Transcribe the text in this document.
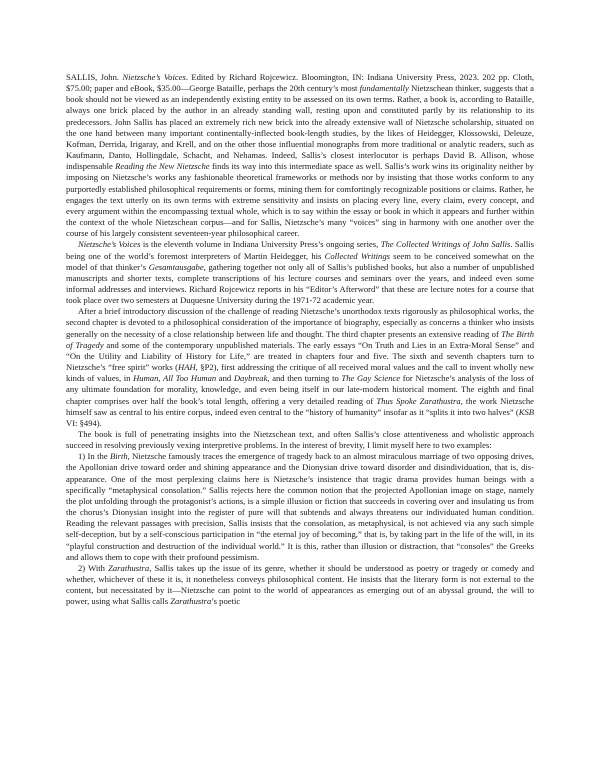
SALLIS, John. Nietzsche’s Voices. Edited by Richard Rojcewicz. Bloomington, IN: Indiana University Press, 2023. 202 pp. Cloth, $75.00; paper and eBook, $35.00—George Bataille, perhaps the 20th century’s most fundamentally Nietzschean thinker, suggests that a book should not be viewed as an independently existing entity to be assessed on its own terms. Rather, a book is, according to Bataille, always one brick placed by the author in an already standing wall, resting upon and constituted partly by its relationship to its predecessors. John Sallis has placed an extremely rich new brick into the already extensive wall of Nietzsche scholarship, situated on the one hand between many important continentally-inflected book-length studies, by the likes of Heidegger, Klossowski, Deleuze, Kofman, Derrida, Irigaray, and Krell, and on the other those influential monographs from more traditional or analytic readers, such as Kaufmann, Danto, Hollingdale, Schacht, and Nehamas. Indeed, Sallis’s closest interlocutor is perhaps David B. Allison, whose indispensable Reading the New Nietzsche finds its way into this intermediate space as well. Sallis’s work wins its originality neither by imposing on Nietzsche’s works any fashionable theoretical frameworks or methods nor by insisting that those works conform to any purportedly established philosophical requirements or forms, mining them for comfortingly recognizable positions or claims. Rather, he engages the text utterly on its own terms with extreme sensitivity and insists on placing every line, every claim, every concept, and every argument within the encompassing textual whole, which is to say within the essay or book in which it appears and further within the context of the whole Nietzschean corpus—and for Sallis, Nietzsche’s many “voices” sing in harmony with one another over the course of his largely consistent seventeen-year philosophical career.

Nietzsche’s Voices is the eleventh volume in Indiana University Press’s ongoing series, The Collected Writings of John Sallis. Sallis being one of the world’s foremost interpreters of Martin Heidegger, his Collected Writings seem to be conceived somewhat on the model of that thinker’s Gesamtausgabe, gathering together not only all of Sallis’s published books, but also a number of unpublished manuscripts and shorter texts, complete transcriptions of his lecture courses and seminars over the years, and indeed even some informal addresses and interviews. Richard Rojcewicz reports in his “Editor’s Afterword” that these are lecture notes for a course that took place over two semesters at Duquesne University during the 1971-72 academic year.

After a brief introductory discussion of the challenge of reading Nietzsche’s unorthodox texts rigorously as philosophical works, the second chapter is devoted to a philosophical consideration of the importance of biography, especially as concerns a thinker who insists generally on the necessity of a close relationship between life and thought. The third chapter presents an extensive reading of The Birth of Tragedy and some of the contemporary unpublished materials. The early essays “On Truth and Lies in an Extra-Moral Sense” and “On the Utility and Liability of History for Life,” are treated in chapters four and five. The sixth and seventh chapters turn to Nietzsche’s “free spirit” works (HAH, §P2), first addressing the critique of all received moral values and the call to invent wholly new kinds of values, in Human, All Too Human and Daybreak, and then turning to The Gay Science for Nietzsche’s analysis of the loss of any ultimate foundation for morality, knowledge, and even being itself in our late-modern historical moment. The eighth and final chapter comprises over half the book’s total length, offering a very detailed reading of Thus Spoke Zarathustra, the work Nietzsche himself saw as central to his entire corpus, indeed even central to the “history of humanity” insofar as it “splits it into two halves” (KSB VI: §494).

The book is full of penetrating insights into the Nietzschean text, and often Sallis’s close attentiveness and wholistic approach succeed in resolving previously vexing interpretive problems. In the interest of brevity, I limit myself here to two examples:

1) In the Birth, Nietzsche famously traces the emergence of tragedy back to an almost miraculous marriage of two opposing drives, the Apollonian drive toward order and shining appearance and the Dionysian drive toward disorder and disindividuation, that is, dis-appearance. One of the most perplexing claims here is Nietzsche’s insistence that tragic drama provides human beings with a specifically “metaphysical consolation.” Sallis rejects here the common notion that the projected Apollonian image on stage, namely the plot unfolding through the protagonist’s actions, is a simple illusion or fiction that succeeds in covering over and insulating us from the chorus’s Dionysian insight into the register of pure will that subtends and always threatens our individuated human condition. Reading the relevant passages with precision, Sallis insists that the consolation, as metaphysical, is not achieved via any such simple self-deception, but by a self-conscious participation in “the eternal joy of becoming,” that is, by taking part in the life of the will, in its “playful construction and destruction of the individual world.” It is this, rather than illusion or distraction, that “consoles” the Greeks and allows them to cope with their profound pessimism.

2) With Zarathustra, Sallis takes up the issue of its genre, whether it should be understood as poetry or tragedy or comedy and whether, whichever of these it is, it nonetheless conveys philosophical content. He insists that the literary form is not external to the content, but necessitated by it—Nietzsche can point to the world of appearances as emerging out of an abyssal ground, the will to power, using what Sallis calls Zarathustra’s poetic
